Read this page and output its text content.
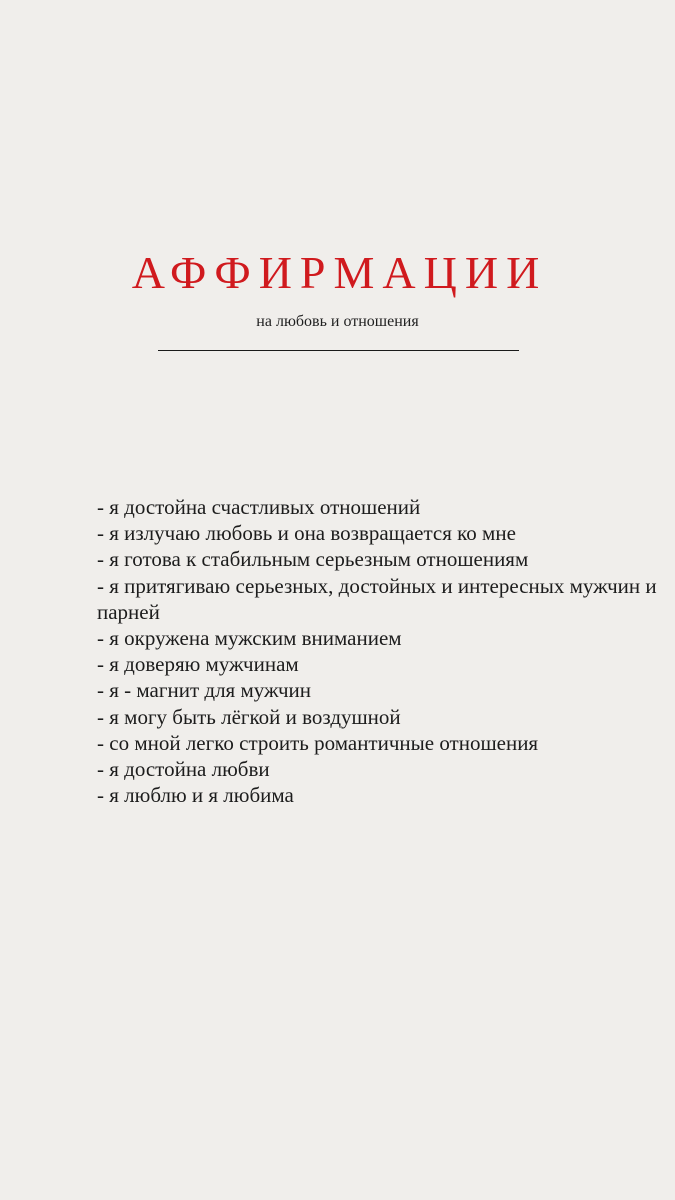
АФФИРМАЦИИ

на любовь и отношения

- я достойна счастливых отношений
- я излучаю любовь и она возвращается ко мне
- я готова к стабильным серьезным отношениям
- я притягиваю серьезных, достойных и интересных мужчин и парней
- я окружена мужским вниманием
- я доверяю мужчинам
- я - магнит для мужчин
- я могу быть лёгкой и воздушной
- со мной легко строить романтичные отношения
- я достойна любви
- я люблю и я любима
